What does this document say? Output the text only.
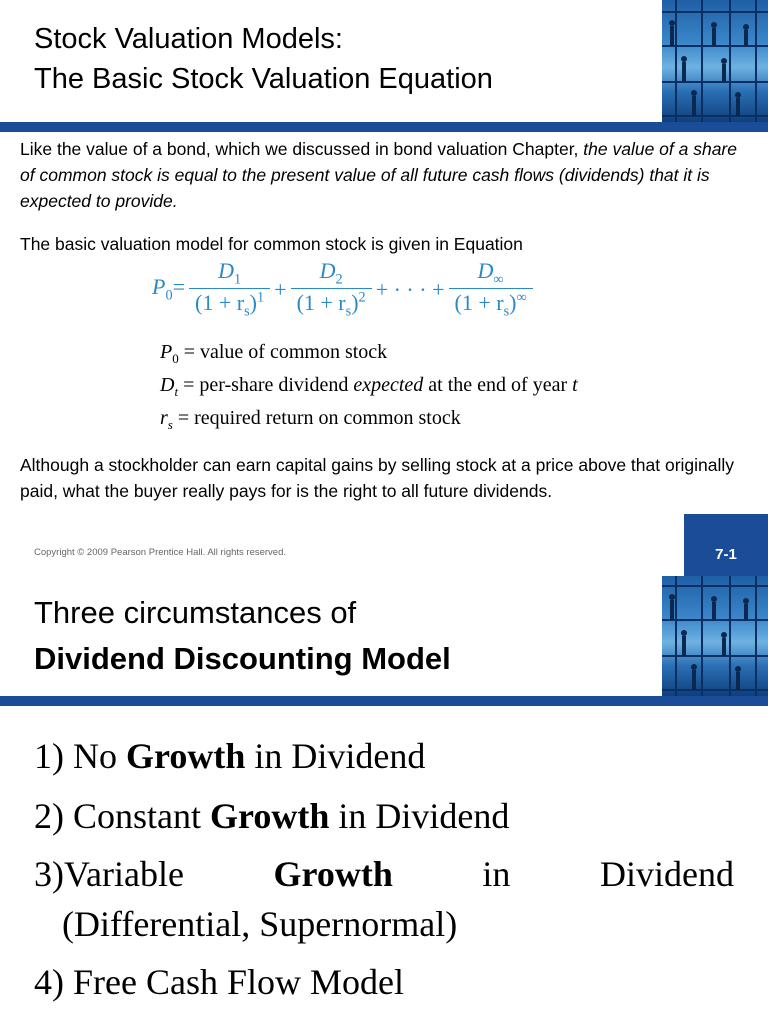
Stock Valuation Models:
The Basic Stock Valuation Equation
Like the value of a bond, which we discussed in bond valuation Chapter, the value of a share of common stock is equal to the present value of all future cash flows (dividends) that it is expected to provide.
The basic valuation model for common stock is given in Equation
$P_0= \frac{D_1}{(1 + r_s)^1} + \frac{D_2}{(1 + r_s)^2}$ + · · · + $\frac{D_\infty}{(1 + r_s)^\infty}$
$P_0$ = value of common stock
$D_t$ = per-share dividend expected at the end of year t
$r_s$ = required return on common stock
Although a stockholder can earn capital gains by selling stock at a price above that originally paid, what the buyer really pays for is the right to all future dividends.
Copyright © 2009 Pearson Prentice Hall. All rights reserved.	7-1
Three circumstances of
Dividend Discounting Model
1) No Growth in Dividend
2) Constant Growth in Dividend
3)Variable Growth in Dividend
(Differential, Supernormal)
4) Free Cash Flow Model
